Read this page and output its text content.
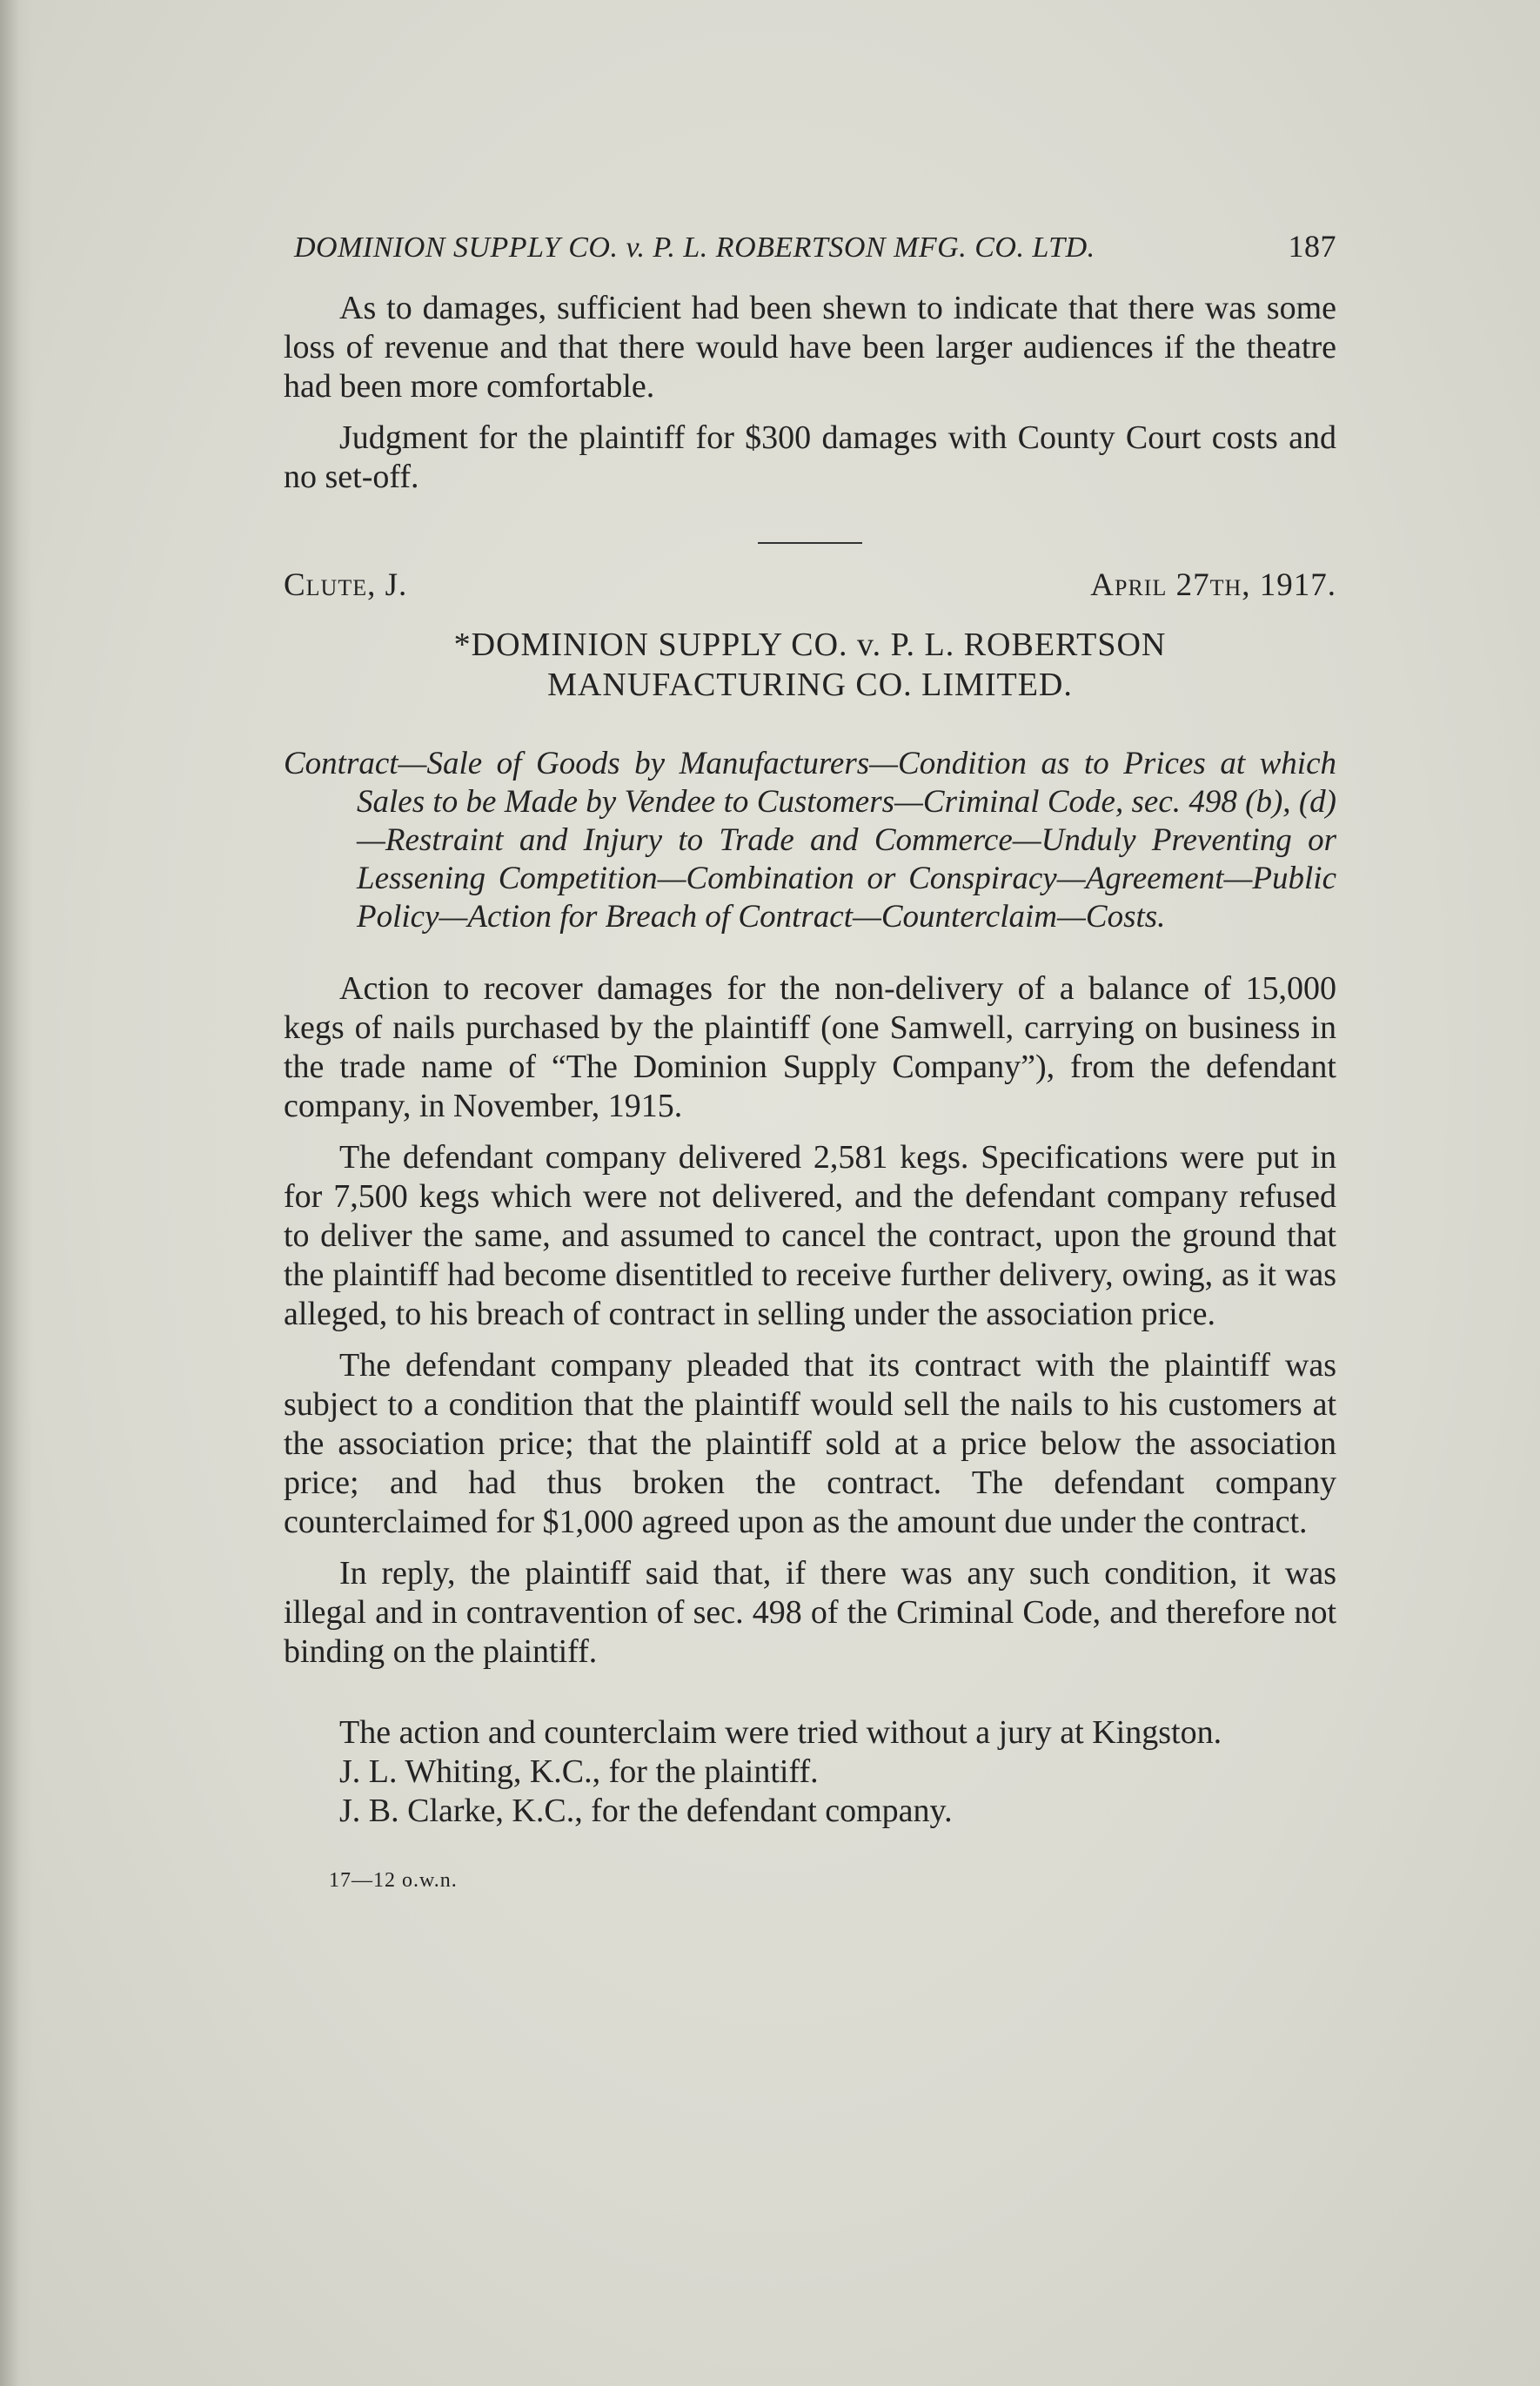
DOMINION SUPPLY CO. v. P. L. ROBERTSON MFG. CO. LTD.	187

As to damages, sufficient had been shewn to indicate that there was some loss of revenue and that there would have been larger audiences if the theatre had been more comfortable.

Judgment for the plaintiff for $300 damages with County Court costs and no set-off.

Clute, J.	April 27th, 1917.
*DOMINION SUPPLY CO. v. P. L. ROBERTSON
MANUFACTURING CO. LIMITED.

Contract—Sale of Goods by Manufacturers—Condition as to Prices at which Sales to be Made by Vendee to Customers—Criminal Code, sec. 498 (b), (d)—Restraint and Injury to Trade and Commerce—Unduly Preventing or Lessening Competition—Combination or Conspiracy—Agreement—Public Policy—Action for Breach of Contract—Counterclaim—Costs.

Action to recover damages for the non-delivery of a balance of 15,000 kegs of nails purchased by the plaintiff (one Samwell, carrying on business in the trade name of “The Dominion Supply Company”), from the defendant company, in November, 1915.

The defendant company delivered 2,581 kegs. Specifications were put in for 7,500 kegs which were not delivered, and the defendant company refused to deliver the same, and assumed to cancel the contract, upon the ground that the plaintiff had become disentitled to receive further delivery, owing, as it was alleged, to his breach of contract in selling under the association price.

The defendant company pleaded that its contract with the plaintiff was subject to a condition that the plaintiff would sell the nails to his customers at the association price; that the plaintiff sold at a price below the association price; and had thus broken the contract. The defendant company counterclaimed for $1,000 agreed upon as the amount due under the contract.

In reply, the plaintiff said that, if there was any such condition, it was illegal and in contravention of sec. 498 of the Criminal Code, and therefore not binding on the plaintiff.

The action and counterclaim were tried without a jury at Kingston.

J. L. Whiting, K.C., for the plaintiff.

J. B. Clarke, K.C., for the defendant company.

17—12 o.w.n.
